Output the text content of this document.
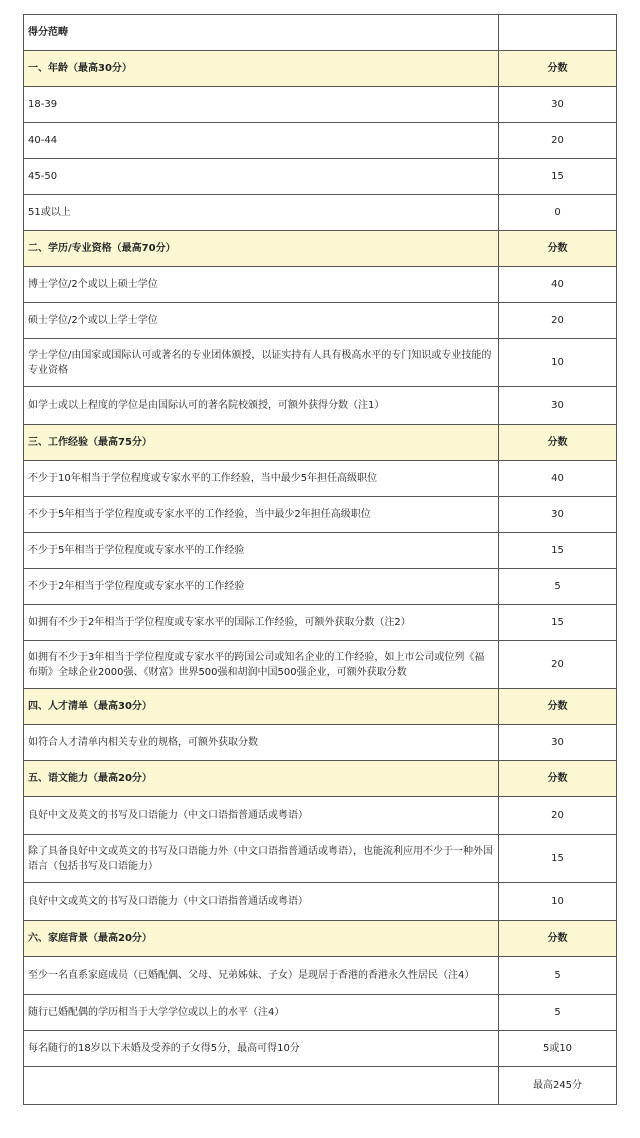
得分范畴	
一、年龄（最高30分）	分数
18-39	30
40-44	20
45-50	15
51或以上	0
二、学历/专业资格（最高70分）	分数
博士学位/2个或以上硕士学位	40
硕士学位/2个或以上学士学位	20
学士学位/由国家或国际认可或著名的专业团体颁授，以证实持有人具有极高水平的专门知识或专业技能的专业资格	10
如学士或以上程度的学位是由国际认可的著名院校颁授，可额外获得分数（注1）	30
三、工作经验（最高75分）	分数
不少于10年相当于学位程度或专家水平的工作经验，当中最少5年担任高级职位	40
不少于5年相当于学位程度或专家水平的工作经验，当中最少2年担任高级职位	30
不少于5年相当于学位程度或专家水平的工作经验	15
不少于2年相当于学位程度或专家水平的工作经验	5
如拥有不少于2年相当于学位程度或专家水平的国际工作经验，可额外获取分数（注2）	15
如拥有不少于3年相当于学位程度或专家水平的跨国公司或知名企业的工作经验，如上市公司或位列《福布斯》全球企业2000强、《财富》世界500强和胡润中国500强企业，可额外获取分数	20
四、人才清单（最高30分）	分数
如符合人才清单内相关专业的规格，可额外获取分数	30
五、语文能力（最高20分）	分数
良好中文及英文的书写及口语能力（中文口语指普通话或粤语）	20
除了具备良好中文或英文的书写及口语能力外（中文口语指普通话或粤语），也能流利应用不少于一种外国语言（包括书写及口语能力）	15
良好中文或英文的书写及口语能力（中文口语指普通话或粤语）	10
六、家庭背景（最高20分）	分数
至少一名直系家庭成员（已婚配偶、父母、兄弟姊妹、子女）是现居于香港的香港永久性居民（注4）	5
随行已婚配偶的学历相当于大学学位或以上的水平（注4）	5
每名随行的18岁以下未婚及受养的子女得5分，最高可得10分	5或10
	最高245分
